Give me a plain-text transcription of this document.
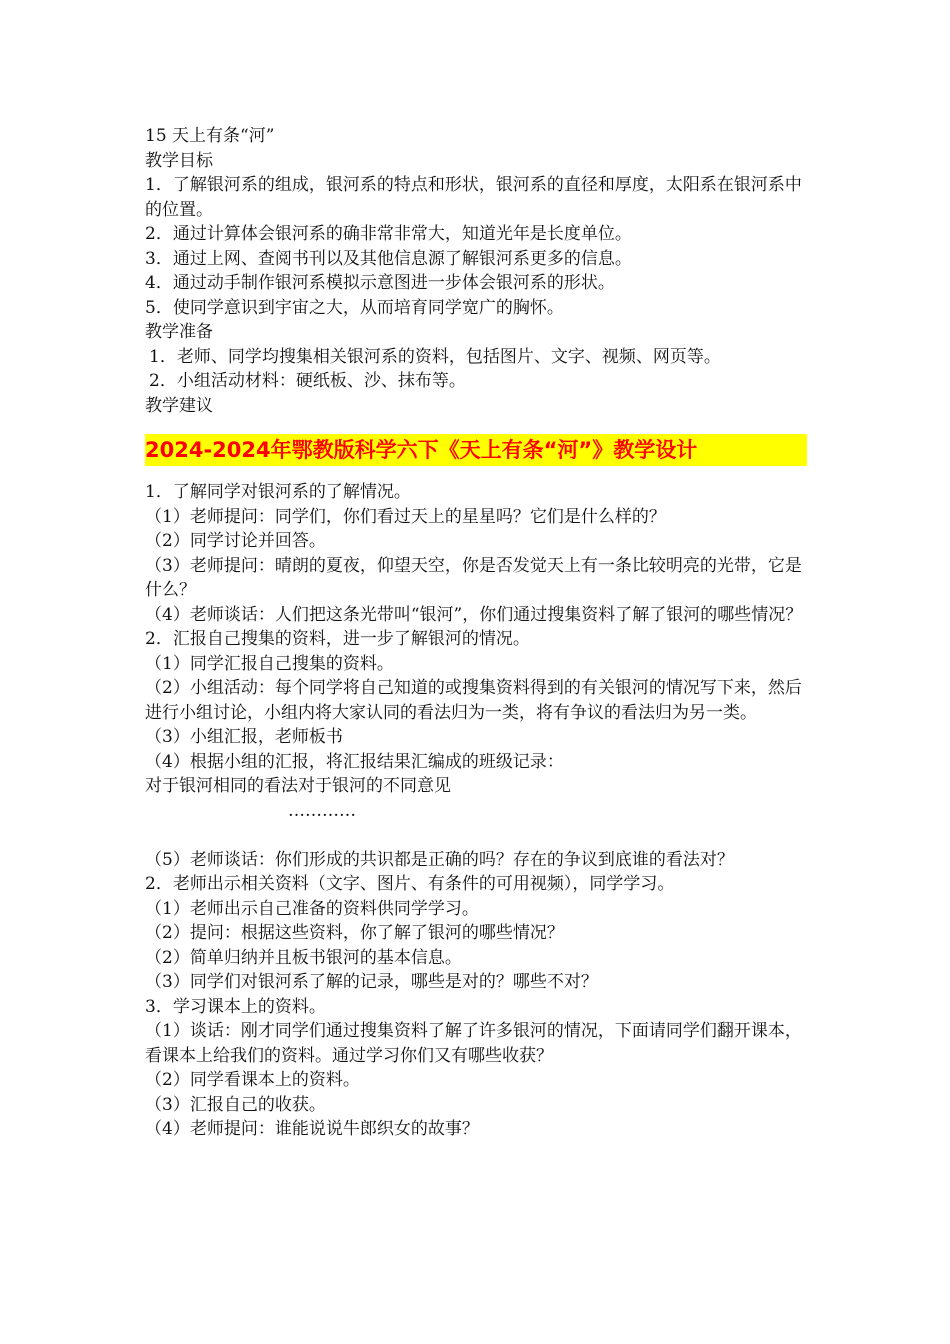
15 天上有条“河”

教学目标

1．了解银河系的组成，银河系的特点和形状，银河系的直径和厚度，太阳系在银河系中的位置。

2．通过计算体会银河系的确非常非常大，知道光年是长度单位。

3．通过上网、查阅书刊以及其他信息源了解银河系更多的信息。

4．通过动手制作银河系模拟示意图进一步体会银河系的形状。

5．使同学意识到宇宙之大，从而培育同学宽广的胸怀。

教学准备

1．老师、同学均搜集相关银河系的资料，包括图片、文字、视频、网页等。

2．小组活动材料：硬纸板、沙、抹布等。

教学建议

1．了解同学对银河系的了解情况。

（1）老师提问：同学们，你们看过天上的星星吗？它们是什么样的？

（2）同学讨论并回答。

（3）老师提问：晴朗的夏夜，仰望天空，你是否发觉天上有一条比较明亮的光带，它是什么？

（4）老师谈话：人们把这条光带叫“银河”，你们通过搜集资料了解了银河的哪些情况？

2．汇报自己搜集的资料，进一步了解银河的情况。

（1）同学汇报自己搜集的资料。

（2）小组活动：每个同学将自己知道的或搜集资料得到的有关银河的情况写下来，然后进行小组讨论，小组内将大家认同的看法归为一类，将有争议的看法归为另一类。

（3）小组汇报，老师板书

（4）根据小组的汇报，将汇报结果汇编成的班级记录：

对于银河相同的看法对于银河的不同意见

…………

（5）老师谈话：你们形成的共识都是正确的吗？存在的争议到底谁的看法对？

2．老师出示相关资料（文字、图片、有条件的可用视频），同学学习。

（1）老师出示自己准备的资料供同学学习。

（2）提问：根据这些资料，你了解了银河的哪些情况？

（2）简单归纳并且板书银河的基本信息。

（3）同学们对银河系了解的记录，哪些是对的？哪些不对？

3．学习课本上的资料。

（1）谈话：刚才同学们通过搜集资料了解了许多银河的情况，下面请同学们翻开课本，看课本上给我们的资料。通过学习你们又有哪些收获？

（2）同学看课本上的资料。

（3）汇报自己的收获。

（4）老师提问：谁能说说牛郎织女的故事？

2024-2024年鄂教版科学六下《天上有条“河”》教学设计
